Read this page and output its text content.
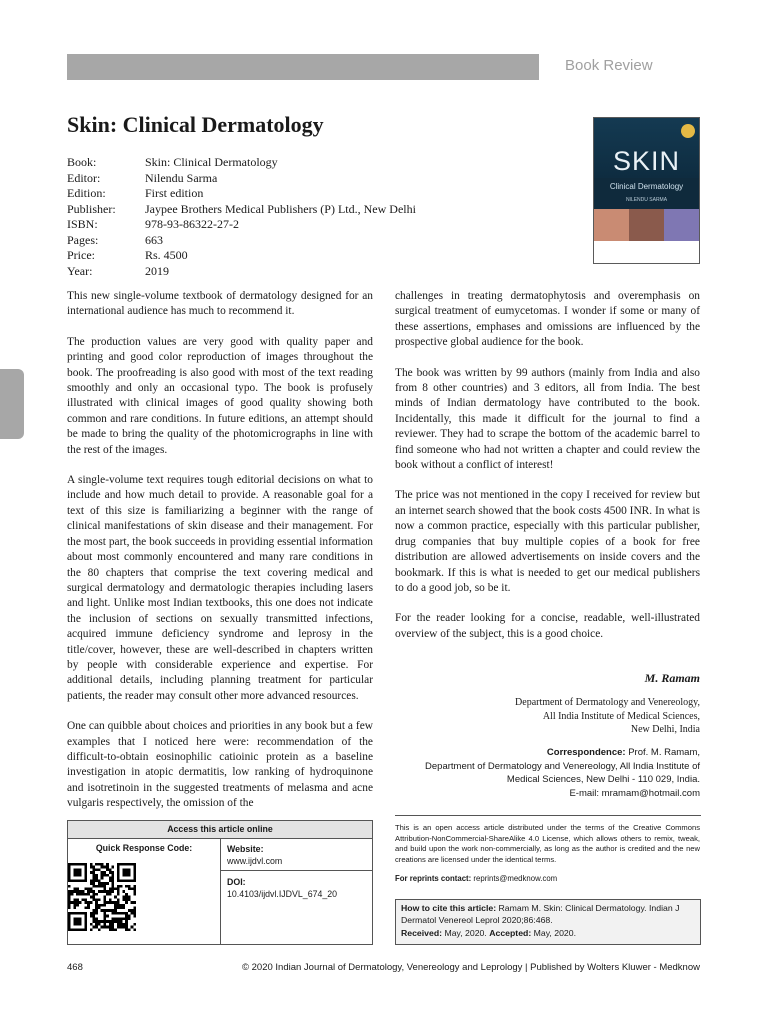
Book Review
Skin: Clinical Dermatology
Book:	Skin: Clinical Dermatology
Editor:	Nilendu Sarma
Edition:	First edition
Publisher:	Jaypee Brothers Medical Publishers (P) Ltd., New Delhi
ISBN:	978-93-86322-27-2
Pages:	663
Price:	Rs. 4500
Year:	2019
SKIN
Clinical Dermatology
NILENDU SARMA

This new single-volume textbook of dermatology designed for an international audience has much to recommend it.

The production values are very good with quality paper and printing and good color reproduction of images throughout the book. The proofreading is also good with most of the text reading smoothly and only an occasional typo. The book is profusely illustrated with clinical images of good quality showing both common and rare conditions. In future editions, an attempt should be made to bring the quality of the photomicrographs in line with the rest of the images.

A single-volume text requires tough editorial decisions on what to include and how much detail to provide. A reasonable goal for a text of this size is familiarizing a beginner with the range of clinical manifestations of skin disease and their management. For the most part, the book succeeds in providing essential information about most commonly encountered and many rare conditions in the 80 chapters that comprise the text covering medical and surgical dermatology and dermatologic therapies including lasers and light. Unlike most Indian textbooks, this one does not indicate the inclusion of sections on sexually transmitted infections, acquired immune deficiency syndrome and leprosy in the title/cover, however, these are well-described in chapters written by people with considerable experience and expertise. For additional details, including planning treatment for particular patients, the reader may consult other more advanced resources.

One can quibble about choices and priorities in any book but a few examples that I noticed here were: recommendation of the difficult-to-obtain eosinophilic catioinic protein as a baseline investigation in atopic dermatitis, low ranking of hydroquinone and isotretinoin in the suggested treatments of melasma and acne vulgaris respectively, the omission of the

challenges in treating dermatophytosis and overemphasis on surgical treatment of eumycetomas. I wonder if some or many of these assertions, emphases and omissions are influenced by the prospective global audience for the book.

The book was written by 99 authors (mainly from India and also from 8 other countries) and 3 editors, all from India. The best minds of Indian dermatology have contributed to the book. Incidentally, this made it difficult for the journal to find a reviewer. They had to scrape the bottom of the academic barrel to find someone who had not written a chapter and could review the book without a conflict of interest!

The price was not mentioned in the copy I received for review but an internet search showed that the book costs 4500 INR. In what is now a common practice, especially with this particular publisher, drug companies that buy multiple copies of a book for free distribution are allowed advertisements on inside covers and the bookmark. If this is what is needed to get our medical publishers to do a good job, so be it.

For the reader looking for a concise, readable, well-illustrated overview of the subject, this is a good choice.

M. Ramam
Department of Dermatology and Venereology,
All India Institute of Medical Sciences,
New Delhi, India
Correspondence: Prof. M. Ramam,
Department of Dermatology and Venereology, All India Institute of
Medical Sciences, New Delhi - 110 029, India.
E-mail: mramam@hotmail.com
This is an open access article distributed under the terms of the Creative Commons Attribution-NonCommercial-ShareAlike 4.0 License, which allows others to remix, tweak, and build upon the work non-commercially, as long as the author is credited and the new creations are licensed under the identical terms.
For reprints contact: reprints@medknow.com
How to cite this article: Ramam M. Skin: Clinical Dermatology. Indian J Dermatol Venereol Leprol 2020;86:468.
Received: May, 2020. Accepted: May, 2020.
Access this article online
Quick Response Code:	Website:
www.ijdvl.com
DOI:
10.4103/ijdvl.IJDVL_674_20
468	© 2020 Indian Journal of Dermatology, Venereology and Leprology | Published by Wolters Kluwer - Medknow
